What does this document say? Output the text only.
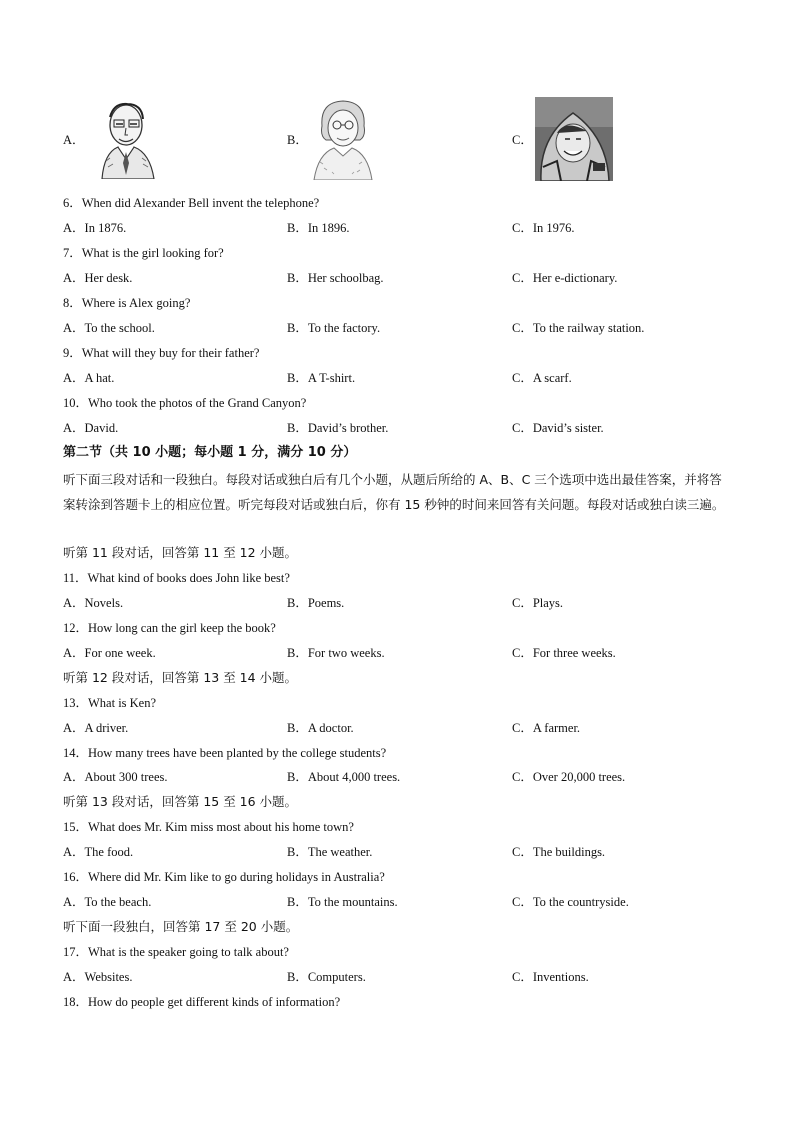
A．	B．	C．
6．When did Alexander Bell invent the telephone?
A．In 1876.	B．In 1896.	C．In 1976.
7．What is the girl looking for?
A．Her desk.	B．Her schoolbag.	C．Her e-dictionary.
8．Where is Alex going?
A．To the school.	B．To the factory.	C．To the railway station.
9．What will they buy for their father?
A．A hat.	B．A T-shirt.	C．A scarf.
10．Who took the photos of the Grand Canyon?
A．David.	B．David’s brother.	C．David’s sister.
第二节（共 10 小题；每小题 1 分，满分 10 分）
听下面三段对话和一段独白。每段对话或独白后有几个小题，从题后所给的 A、B、C 三个选项中选出最佳答案，并将答案转涂到答题卡上的相应位置。听完每段对话或独白后，你有 15 秒钟的时间来回答有关问题。每段对话或独白读三遍。
听第 11 段对话，回答第 11 至 12 小题。
11．What kind of books does John like best?
A．Novels.	B．Poems.	C．Plays.
12．How long can the girl keep the book?
A．For one week.	B．For two weeks.	C．For three weeks.
听第 12 段对话，回答第 13 至 14 小题。
13．What is Ken?
A．A driver.	B．A doctor.	C．A farmer.
14．How many trees have been planted by the college students?
A．About 300 trees.	B．About 4,000 trees.	C．Over 20,000 trees.
听第 13 段对话，回答第 15 至 16 小题。
15．What does Mr. Kim miss most about his home town?
A．The food.	B．The weather.	C．The buildings.
16．Where did Mr. Kim like to go during holidays in Australia?
A．To the beach.	B．To the mountains.	C．To the countryside.
听下面一段独白，回答第 17 至 20 小题。
17．What is the speaker going to talk about?
A．Websites.	B．Computers.	C．Inventions.
18．How do people get different kinds of information?
